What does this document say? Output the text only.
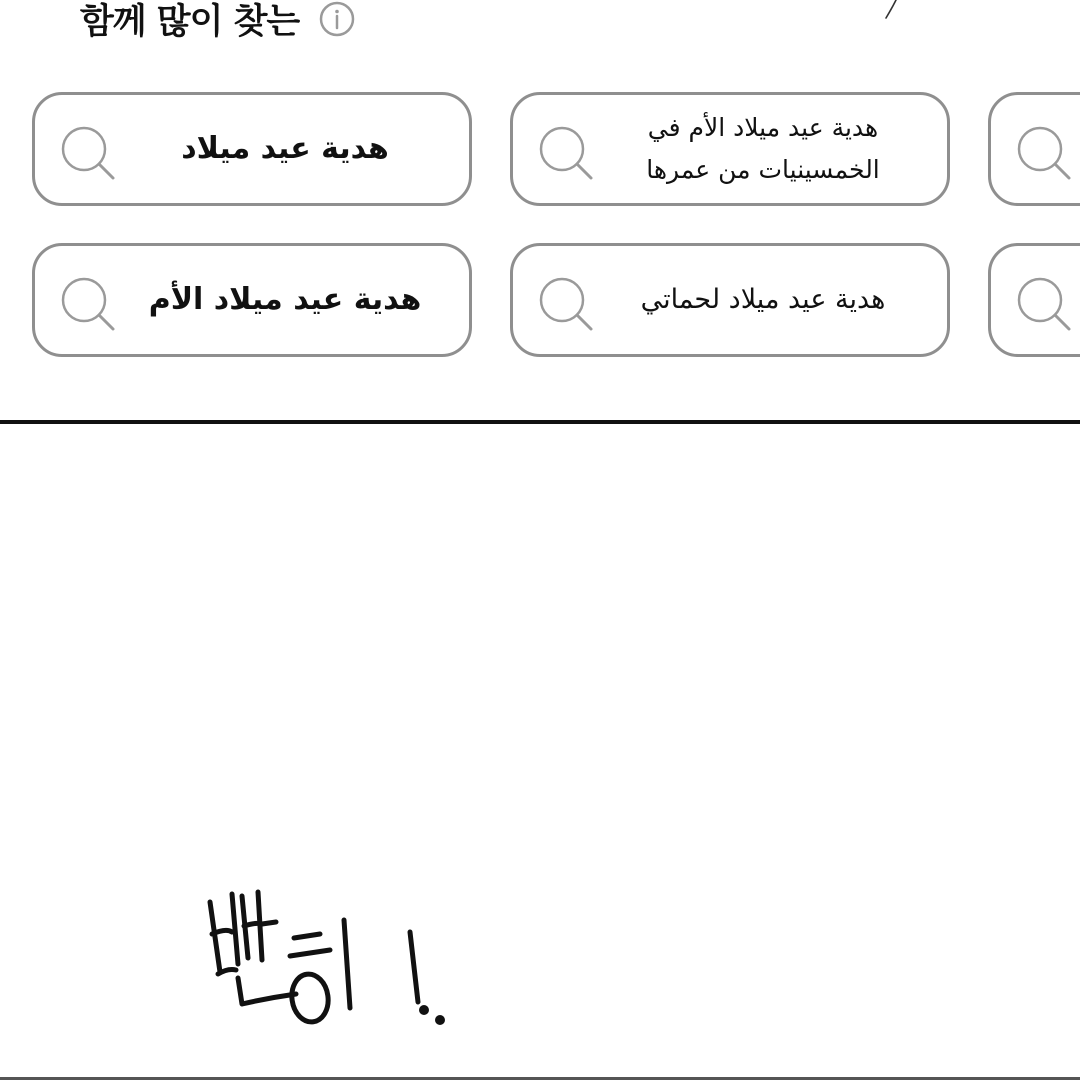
함께 많이 찾는
هدية عيد ميلاد
هدية عيد ميلاد الأم في الخمسينيات من عمرها
هدية عيد ميلاد الأم	هدية عيد ميلاد لحماتي
